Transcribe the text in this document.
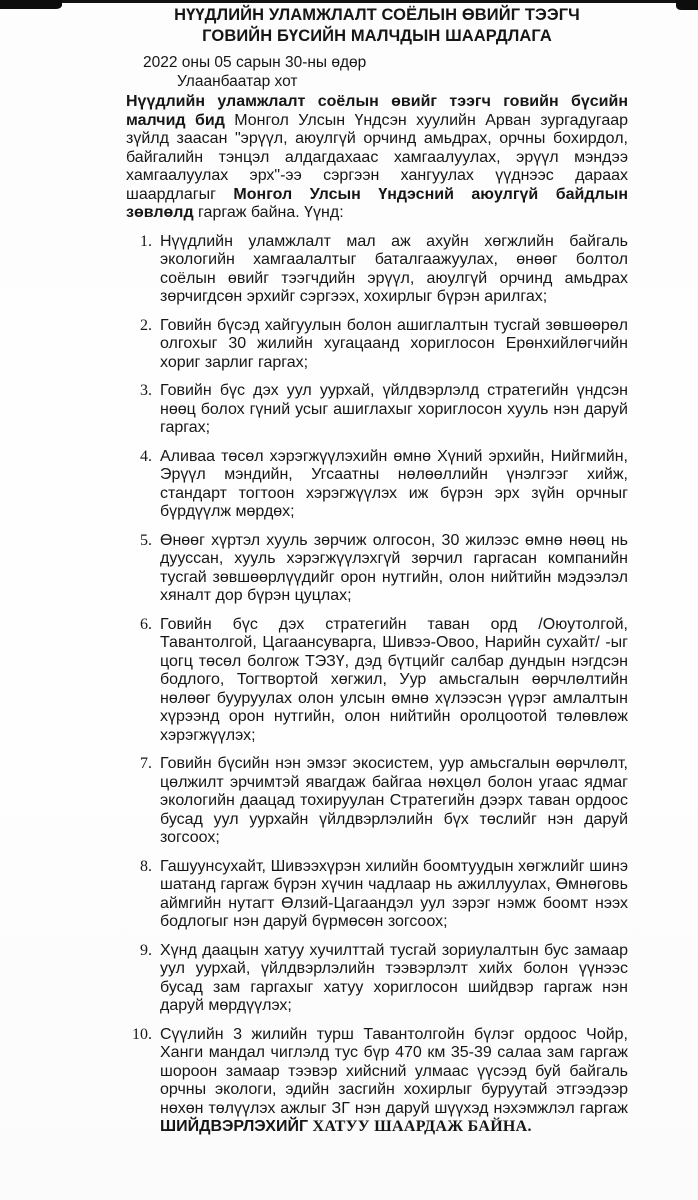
НҮҮДЛИЙН УЛАМЖЛАЛТ СОЁЛЫН ӨВИЙГ ТЭЭГЧ
ГОВИЙН БҮСИЙН МАЛЧДЫН ШААРДЛАГА
2022 оны 05 сарын 30-ны өдөр
Улаанбаатар хот

Нүүдлийн уламжлалт соёлын өвийг тээгч говийн бүсийн малчид бид Монгол Улсын Үндсэн хуулийн Арван зургадугаар зүйлд заасан "эрүүл, аюулгүй орчинд амьдрах, орчны бохирдол, байгалийн тэнцэл алдагдахаас хамгаалуулах, эрүүл мэндээ хамгаалуулах эрх"-ээ сэргээн хангуулах үүднээс дараах шаардлагыг Монгол Улсын Үндэсний аюулгүй байдлын зөвлөлд гаргаж байна. Үүнд:

1. Нүүдлийн уламжлалт мал аж ахуйн хөгжлийн байгаль экологийн хамгаалалтыг баталгаажуулах, өнөөг болтол соёлын өвийг тээгчдийн эрүүл, аюулгүй орчинд амьдрах зөрчигдсөн эрхийг сэргээх, хохирлыг бүрэн арилгах;
2. Говийн бүсэд хайгуулын болон ашиглалтын тусгай зөвшөөрөл олгохыг 30 жилийн хугацаанд хориглосон Ерөнхийлөгчийн хориг зарлиг гаргах;
3. Говийн бүс дэх уул уурхай, үйлдвэрлэлд стратегийн үндсэн нөөц болох гүний усыг ашиглахыг хориглосон хууль нэн даруй гаргах;
4. Аливаа төсөл хэрэгжүүлэхийн өмнө Хүний эрхийн, Нийгмийн, Эрүүл мэндийн, Угсаатны нөлөөллийн үнэлгээг хийж, стандарт тогтоон хэрэгжүүлэх иж бүрэн эрх зүйн орчныг бүрдүүлж мөрдөх;
5. Өнөөг хүртэл хууль зөрчиж олгосон, 30 жилээс өмнө нөөц нь дууссан, хууль хэрэгжүүлэхгүй зөрчил гаргасан компанийн тусгай зөвшөөрлүүдийг орон нутгийн, олон нийтийн мэдээлэл хяналт дор бүрэн цуцлах;
6. Говийн бүс дэх стратегийн таван орд /Оюутолгой, Тавантолгой, Цагаансуварга, Шивээ-Овоо, Нарийн сухайт/ -ыг цогц төсөл болгож ТЭЗҮ, дэд бүтцийг салбар дундын нэгдсэн бодлого, Тогтвортой хөгжил, Уур амьсгалын өөрчлөлтийн нөлөөг бууруулах олон улсын өмнө хүлээсэн үүрэг амлалтын хүрээнд орон нутгийн, олон нийтийн оролцоотой төлөвлөж хэрэгжүүлэх;
7. Говийн бүсийн нэн эмзэг экосистем, уур амьсгалын өөрчлөлт, цөлжилт эрчимтэй явагдаж байгаа нөхцөл болон угаас ядмаг экологийн даацад тохируулан Стратегийн дээрх таван ордоос бусад уул уурхайн үйлдвэрлэлийн бүх төслийг нэн даруй зогсоох;
8. Гашуунсухайт, Шивээхүрэн хилийн боомтуудын хөгжлийг шинэ шатанд гаргаж бүрэн хүчин чадлаар нь ажиллуулах, Өмнөговь аймгийн нутагт Өлзий-Цагаандэл уул зэрэг нэмж боомт нээх бодлогыг нэн даруй бүрмөсөн зогсоох;
9. Хүнд даацын хатуу хучилттай тусгай зориулалтын бус замаар уул уурхай, үйлдвэрлэлийн тээвэрлэлт хийх болон үүнээс бусад зам гаргахыг хатуу хориглосон шийдвэр гаргаж нэн даруй мөрдүүлэх;
10. Сүүлийн 3 жилийн турш Тавантолгойн бүлэг ордоос Чойр, Ханги мандал чиглэлд тус бүр 470 км 35-39 салаа зам гаргаж шороон замаар тээвэр хийсний улмаас үүсээд буй байгаль орчны экологи, эдийн засгийн хохирлыг буруутай этгээдээр нөхөн төлүүлэх ажлыг ЗГ нэн даруй шүүхэд нэхэмжлэл гаргаж ШИЙДВЭРЛЭХИЙГ ХАТУУ ШААРДАЖ БАЙНА.
